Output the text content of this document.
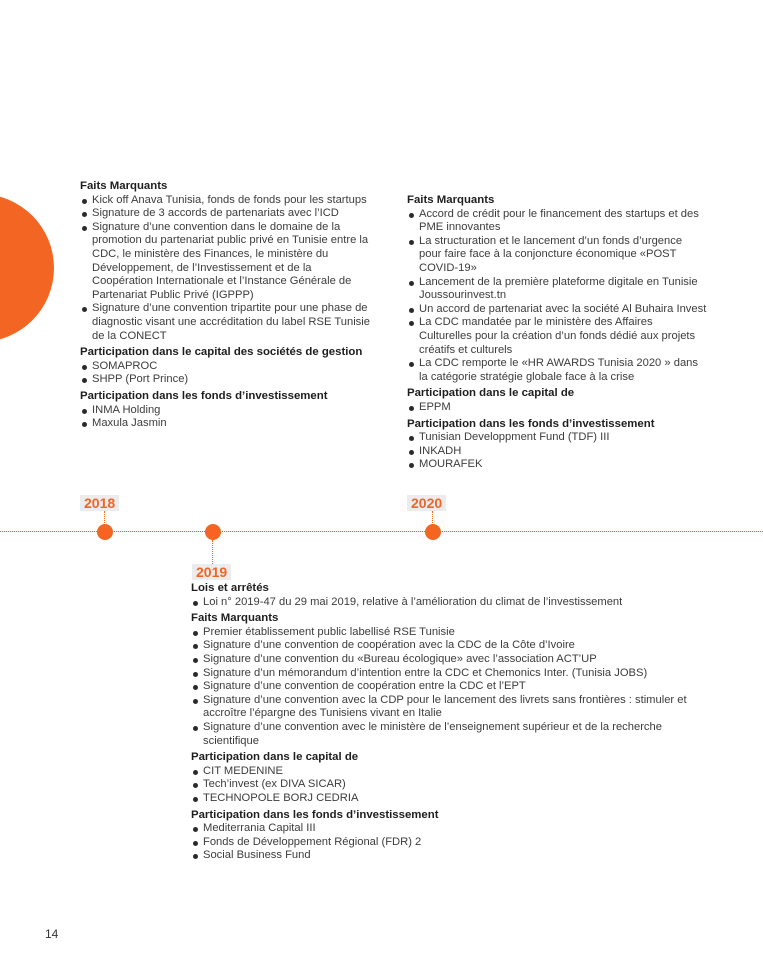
Faits Marquants
Kick off Anava Tunisia, fonds de fonds pour les startups
Signature de 3 accords de partenariats avec l’ICD
Signature d’une convention dans le domaine de la promotion du partenariat public privé en Tunisie entre la CDC, le ministère des Finances, le ministère du Développement, de l’Investissement et de la Coopération Internationale et l’Instance Générale de Partenariat Public Privé (IGPPP)
Signature d’une convention tripartite pour une phase de diagnostic visant une accréditation du label RSE Tunisie de la CONECT
Participation dans le capital des sociétés de gestion
SOMAPROC
SHPP (Port Prince)
Participation dans les fonds d’investissement
INMA Holding
Maxula Jasmin
Faits Marquants
Accord de crédit pour le financement des startups et des PME innovantes
La structuration et le lancement d’un fonds d’urgence pour faire face à la conjoncture économique «POST COVID-19»
Lancement de la première plateforme digitale en Tunisie Joussourinvest.tn
Un accord de partenariat avec la société Al Buhaira Invest
La CDC mandatée par le ministère des Affaires Culturelles pour la création d’un fonds dédié aux projets créatifs et culturels
La CDC remporte le «HR AWARDS Tunisia 2020 » dans la catégorie stratégie globale face à la crise
Participation dans le capital de
EPPM
Participation dans les fonds d’investissement
Tunisian Developpment Fund (TDF) III
INKADH
MOURAFEK
Lois et arrêtés
Loi n° 2019-47 du 29 mai 2019, relative à l’amélioration du climat de l’investissement
Faits Marquants
Premier établissement public labellisé RSE Tunisie
Signature d’une convention de coopération avec la CDC de la Côte d’Ivoire
Signature d’une convention du «Bureau écologique» avec l’association ACT’UP
Signature d’un mémorandum d’intention entre la CDC et Chemonics Inter. (Tunisia JOBS)
Signature d’une convention de coopération entre la CDC et l’EPT
Signature d’une convention avec la CDP pour le lancement des livrets sans frontières : stimuler et accroître l’épargne des Tunisiens vivant en Italie
Signature d’une convention avec le ministère de l’enseignement supérieur et de la recherche scientifique
Participation dans le capital de
CIT MEDENINE
Tech’invest (ex DIVA SICAR)
TECHNOPOLE BORJ CEDRIA
Participation dans les fonds d’investissement
Mediterrania Capital III
Fonds de Développement Régional (FDR) 2
Social Business Fund
2018
2019
2020
14
